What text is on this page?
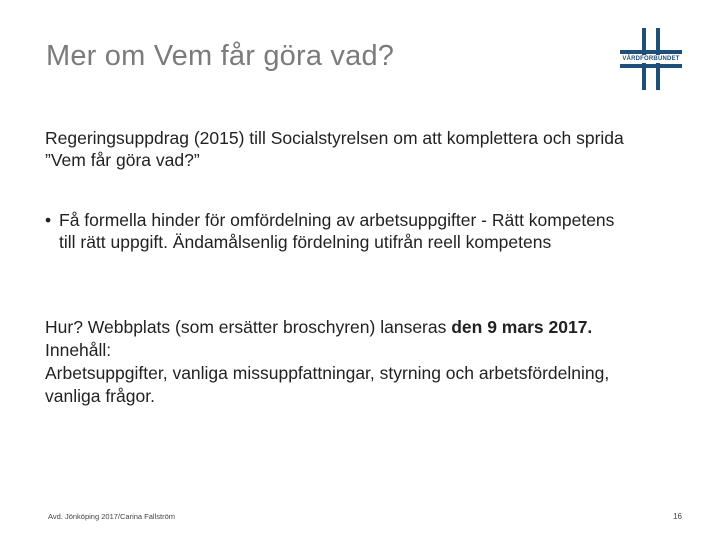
Mer om Vem får göra vad?	VÅRDFÖRBUNDET
Regeringsuppdrag (2015) till Socialstyrelsen om att komplettera och sprida ”Vem får göra vad?”
• Få formella hinder för omfördelning av arbetsuppgifter - Rätt kompetens till rätt uppgift. Ändamålsenlig fördelning utifrån reell kompetens
Hur? Webbplats (som ersätter broschyren) lanseras den 9 mars 2017.
Innehåll:
Arbetsuppgifter, vanliga missuppfattningar, styrning och arbetsfördelning, vanliga frågor.
Avd. Jönköping 2017/Carina Fallström	16
